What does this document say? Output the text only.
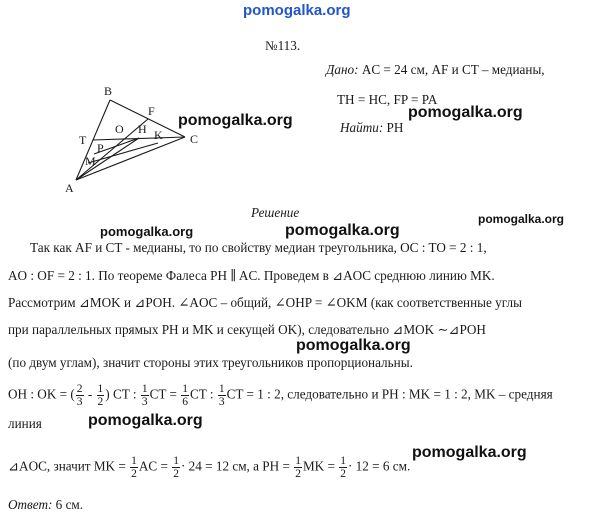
pomogalka.org
pomogalka.org	pomogalka.org
pomogalka.org	pomogalka.org
pomogalka.org
pomogalka.org
pomogalka.org
pomogalka.org
№113.
Дано: AC = 24 см, AF и CT – медианы,
TH = HC, FP = PA
Найти: PH
B
A
C
F
T
O H K
P
M
Решение
Так как AF и CT - медианы, то по свойству медиан треугольника, OC : TO = 2 : 1,
AO : OF = 2 : 1. По теореме Фалеса PH ∥ AC. Проведем в ⊿AOC среднюю линию MK.
Рассмотрим ⊿MOK и ⊿POH. ∠AOC – общий, ∠OHP = ∠OKM (как соответственные углы
при параллельных прямых PH и MK и секущей OK), следовательно ⊿MOK ∼⊿POH
(по двум углам), значит стороны этих треугольников пропорциональны.
OH : OK = ( $\frac{2}{3} - \frac{1}{2}$ ) CT : $\frac{1}{3}$ CT = $\frac{1}{6}$ CT : $\frac{1}{3}$ CT = 1 : 2, следовательно и PH : MK = 1 : 2, MK – средняя
линия
⊿AOC, значит MK = $\frac{1}{2}$ AC = $\frac{1}{2} \cdot 24 = 12$ см, а PH = $\frac{1}{2}$ MK = $\frac{1}{2} \cdot 12 = 6$ см.
Ответ: 6 см.
